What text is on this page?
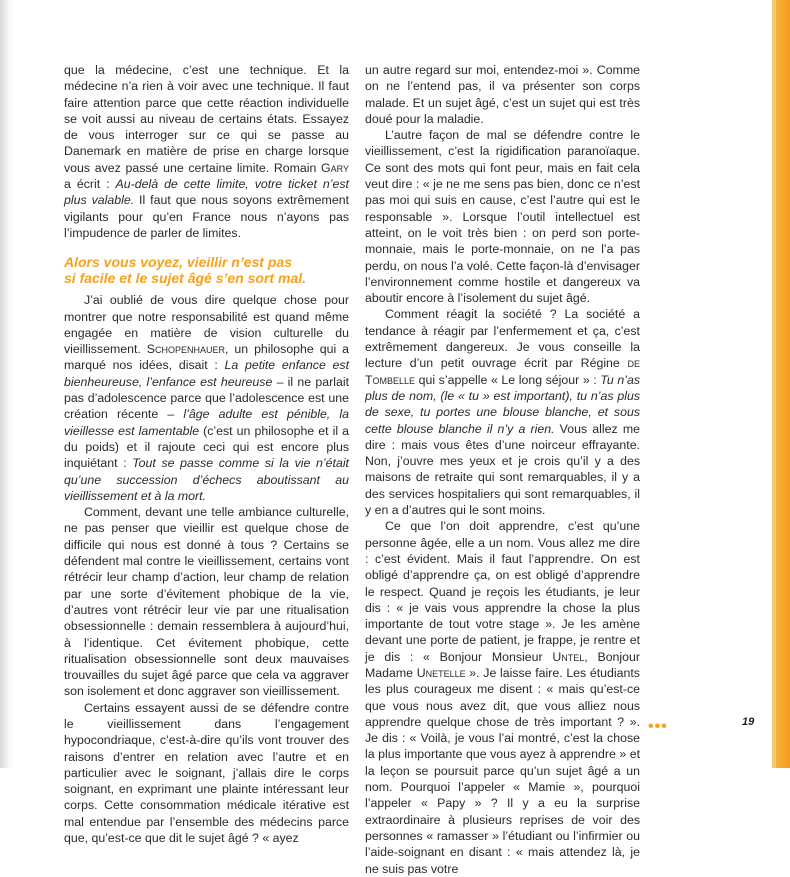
que la médecine, c’est une technique. Et la médecine n’a rien à voir avec une technique. Il faut faire attention parce que cette réaction individuelle se voit aussi au niveau de certains états. Essayez de vous interroger sur ce qui se passe au Danemark en matière de prise en charge lorsque vous avez passé une certaine limite. Romain Gary a écrit : Au-delà de cette limite, votre ticket n’est plus valable. Il faut que nous soyons extrêmement vigilants pour qu’en France nous n’ayons pas l’impudence de parler de limites.

Alors vous voyez, vieillir n’est pas
si facile et le sujet âgé s’en sort mal.

J’ai oublié de vous dire quelque chose pour montrer que notre responsabilité est quand même engagée en matière de vision culturelle du vieillissement. Schopenhauer, un philosophe qui a marqué nos idées, disait : La petite enfance est bienheureuse, l’enfance est heureuse – il ne parlait pas d’adolescence parce que l’adolescence est une création récente – l’âge adulte est pénible, la vieillesse est lamentable (c’est un philosophe et il a du poids) et il rajoute ceci qui est encore plus inquiétant : Tout se passe comme si la vie n’était qu’une succession d’échecs aboutissant au vieillissement et à la mort.

Comment, devant une telle ambiance culturelle, ne pas penser que vieillir est quelque chose de difficile qui nous est donné à tous ? Certains se défendent mal contre le vieillissement, certains vont rétrécir leur champ d’action, leur champ de relation par une sorte d’évitement phobique de la vie, d’autres vont rétrécir leur vie par une ritualisation obsessionnelle : demain ressemblera à aujourd’hui, à l’identique. Cet évitement phobique, cette ritualisation obsessionnelle sont deux mauvaises trouvailles du sujet âgé parce que cela va aggraver son isolement et donc aggraver son vieillissement.

Certains essayent aussi de se défendre contre le vieillissement dans l’engagement hypocondriaque, c’est-à-dire qu’ils vont trouver des raisons d’entrer en relation avec l’autre et en particulier avec le soignant, j’allais dire le corps soignant, en exprimant une plainte intéressant leur corps. Cette consommation médicale itérative est mal entendue par l’ensemble des médecins parce que, qu’est-ce que dit le sujet âgé ? « ayez

un autre regard sur moi, entendez-moi ». Comme on ne l’entend pas, il va présenter son corps malade. Et un sujet âgé, c’est un sujet qui est très doué pour la maladie.

L’autre façon de mal se défendre contre le vieillissement, c’est la rigidification paranoïaque. Ce sont des mots qui font peur, mais en fait cela veut dire : « je ne me sens pas bien, donc ce n’est pas moi qui suis en cause, c’est l’autre qui est le responsable ». Lorsque l’outil intellectuel est atteint, on le voit très bien : on perd son porte-monnaie, mais le porte-monnaie, on ne l’a pas perdu, on nous l’a volé. Cette façon-là d’envisager l’environnement comme hostile et dangereux va aboutir encore à l’isolement du sujet âgé.

Comment réagit la société ? La société a tendance à réagir par l’enfermement et ça, c’est extrêmement dangereux. Je vous conseille la lecture d’un petit ouvrage écrit par Régine de Tombelle qui s’appelle « Le long séjour » : Tu n’as plus de nom, (le « tu » est important), tu n’as plus de sexe, tu portes une blouse blanche, et sous cette blouse blanche il n’y a rien. Vous allez me dire : mais vous êtes d’une noirceur effrayante. Non, j’ouvre mes yeux et je crois qu’il y a des maisons de retraite qui sont remarquables, il y a des services hospitaliers qui sont remarquables, il y en a d’autres qui le sont moins.

Ce que l’on doit apprendre, c’est qu’une personne âgée, elle a un nom. Vous allez me dire : c’est évident. Mais il faut l’apprendre. On est obligé d’apprendre ça, on est obligé d’apprendre le respect. Quand je reçois les étudiants, je leur dis : « je vais vous apprendre la chose la plus importante de tout votre stage ». Je les amène devant une porte de patient, je frappe, je rentre et je dis : « Bonjour Monsieur Untel, Bonjour Madame Unetelle ». Je laisse faire. Les étudiants les plus courageux me disent : « mais qu’est-ce que vous nous avez dit, que vous alliez nous apprendre quelque chose de très important ? ». Je dis : « Voilà, je vous l’ai montré, c’est la chose la plus importante que vous ayez à apprendre » et la leçon se poursuit parce qu’un sujet âgé a un nom. Pourquoi l’appeler « Mamie », pourquoi l’appeler « Papy » ? Il y a eu la surprise extraordinaire à plusieurs reprises de voir des personnes « ramasser » l’étudiant ou l’infirmier ou l’aide-soignant en disant : « mais attendez là, je ne suis pas votre

•••	19
